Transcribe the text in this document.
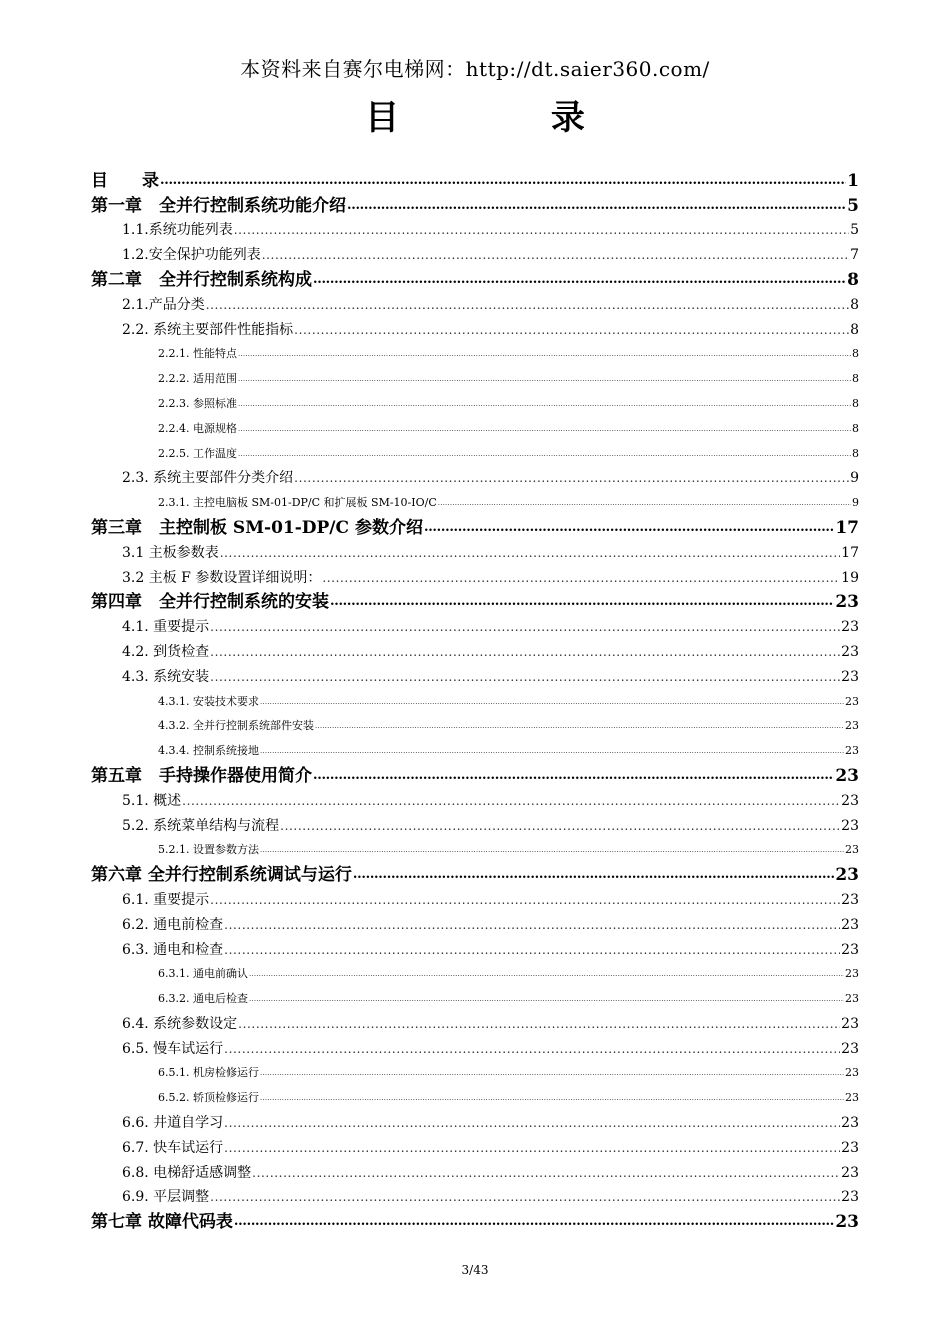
本资料来自赛尔电梯网：http://dt.saier360.com/
目 录
目　　录 .....	1
第一章　全并行控制系统功能介绍 .....	5
1.1.系统功能列表 .....	5
1.2.安全保护功能列表 .....	7
第二章　全并行控制系统构成 .....	8
2.1.产品分类 .....	8
2.2. 系统主要部件性能指标 .....	8
2.2.1. 性能特点 .....	8
2.2.2. 适用范围 .....	8
2.2.3. 参照标准 .....	8
2.2.4. 电源规格 .....	8
2.2.5. 工作温度 .....	8
2.3. 系统主要部件分类介绍 .....	9
2.3.1. 主控电脑板 SM-01-DP/C 和扩展板 SM-10-IO/C .....	9
第三章　主控制板 SM-01-DP/C 参数介绍 .....	17
3.1 主板参数表 .....	17
3.2 主板 F 参数设置详细说明： .....	19
第四章　全并行控制系统的安装 .....	23
4.1. 重要提示 .....	23
4.2. 到货检查 .....	23
4.3. 系统安装 .....	23
4.3.1. 安装技术要求 .....	23
4.3.2. 全并行控制系统部件安装 .....	23
4.3.4. 控制系统接地 .....	23
第五章　手持操作器使用简介 .....	23
5.1. 概述 .....	23
5.2. 系统菜单结构与流程 .....	23
5.2.1. 设置参数方法 .....	23
第六章 全并行控制系统调试与运行 .....	23
6.1. 重要提示 .....	23
6.2. 通电前检查 .....	23
6.3. 通电和检查 .....	23
6.3.1. 通电前确认 .....	23
6.3.2. 通电后检查 .....	23
6.4. 系统参数设定 .....	23
6.5. 慢车试运行 .....	23
6.5.1. 机房检修运行 .....	23
6.5.2. 轿顶检修运行 .....	23
6.6. 井道自学习 .....	23
6.7. 快车试运行 .....	23
6.8. 电梯舒适感调整 .....	23
6.9. 平层调整 .....	23
第七章 故障代码表 .....	23
3/43
